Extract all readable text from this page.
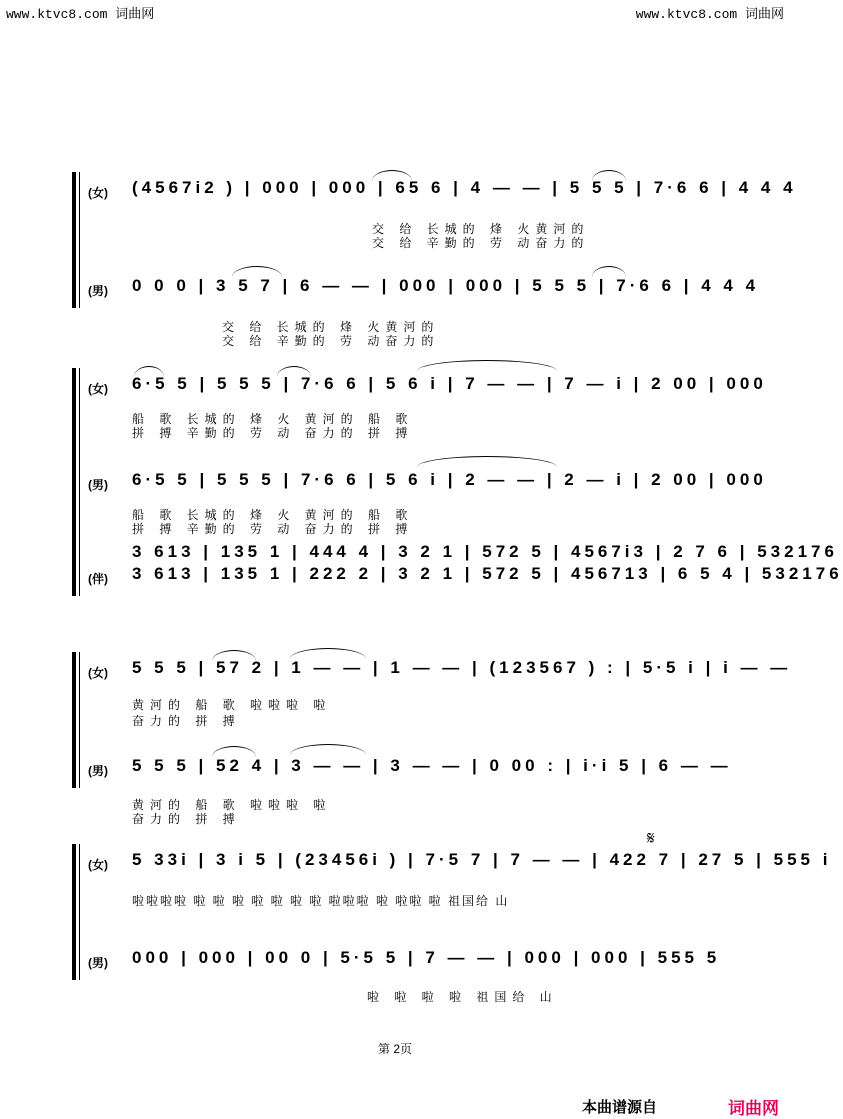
www.ktvc8.com 词曲网	www.ktvc8.com 词曲网
(女) (4567i2 ) | 000 | 000 | 65 6 | 4 — — | 5 5 5 | 7·6 6 | 4 4 4
交 给 长城的 烽 火黄河的
交 给 辛勤的 劳 动奋力的
(男) 0 0 0 | 3 5 7 | 6 — — | 000 | 000 | 5 5 5 | 7·6 6 | 4 4 4
交 给 长城的 烽 火黄河的
交 给 辛勤的 劳 动奋力的
(女) 6·5 5 | 5 5 5 | 7·6 6 | 5 6 i | 7 — — | 7 — i | 2 00 | 000
船 歌 长城的 烽 火 黄河的 船 歌
拼 搏 辛勤的 劳 动 奋力的 拼 搏
(男) 6·5 5 | 5 5 5 | 7·6 6 | 5 6 i | 2 — — | 2 — i | 2 00 | 000
船 歌 长城的 烽 火 黄河的 船 歌
拼 搏 辛勤的 劳 动 奋力的 拼 搏
3 613 | 135 1 | 444 4 | 3 2 1 | 572 5 | 4567i3 | 2 7 6 | 532176
(伴) 3 613 | 135 1 | 222 2 | 3 2 1 | 572 5 | 456713 | 6 5 4 | 532176
(女) 5 5 5 | 57 2 | 1 — — | 1 — — | (123567 ) : | 5·5 i | i — —
黄河的 船 歌 啦啦啦 啦
奋力的 拼 搏
(男) 5 5 5 | 52 4 | 3 — — | 3 — — | 0 00 : | i·i 5 | 6 — —
黄河的 船 歌 啦啦啦 啦
奋力的 拼 搏
𝄋
(女) 5 33i | 3 i 5 | (23456i ) | 7·5 7 | 7 — — | 422 7 | 27 5 | 555 i
啦啦啦啦 啦 啦 啦 啦 啦 啦 啦 啦啦啦 啦 啦啦 啦 祖国给 山
(男) 000 | 000 | 00 0 | 5·5 5 | 7 — — | 000 | 000 | 555 5
啦 啦 啦 啦 祖国给 山
第 2页
本曲谱源自	词曲网
